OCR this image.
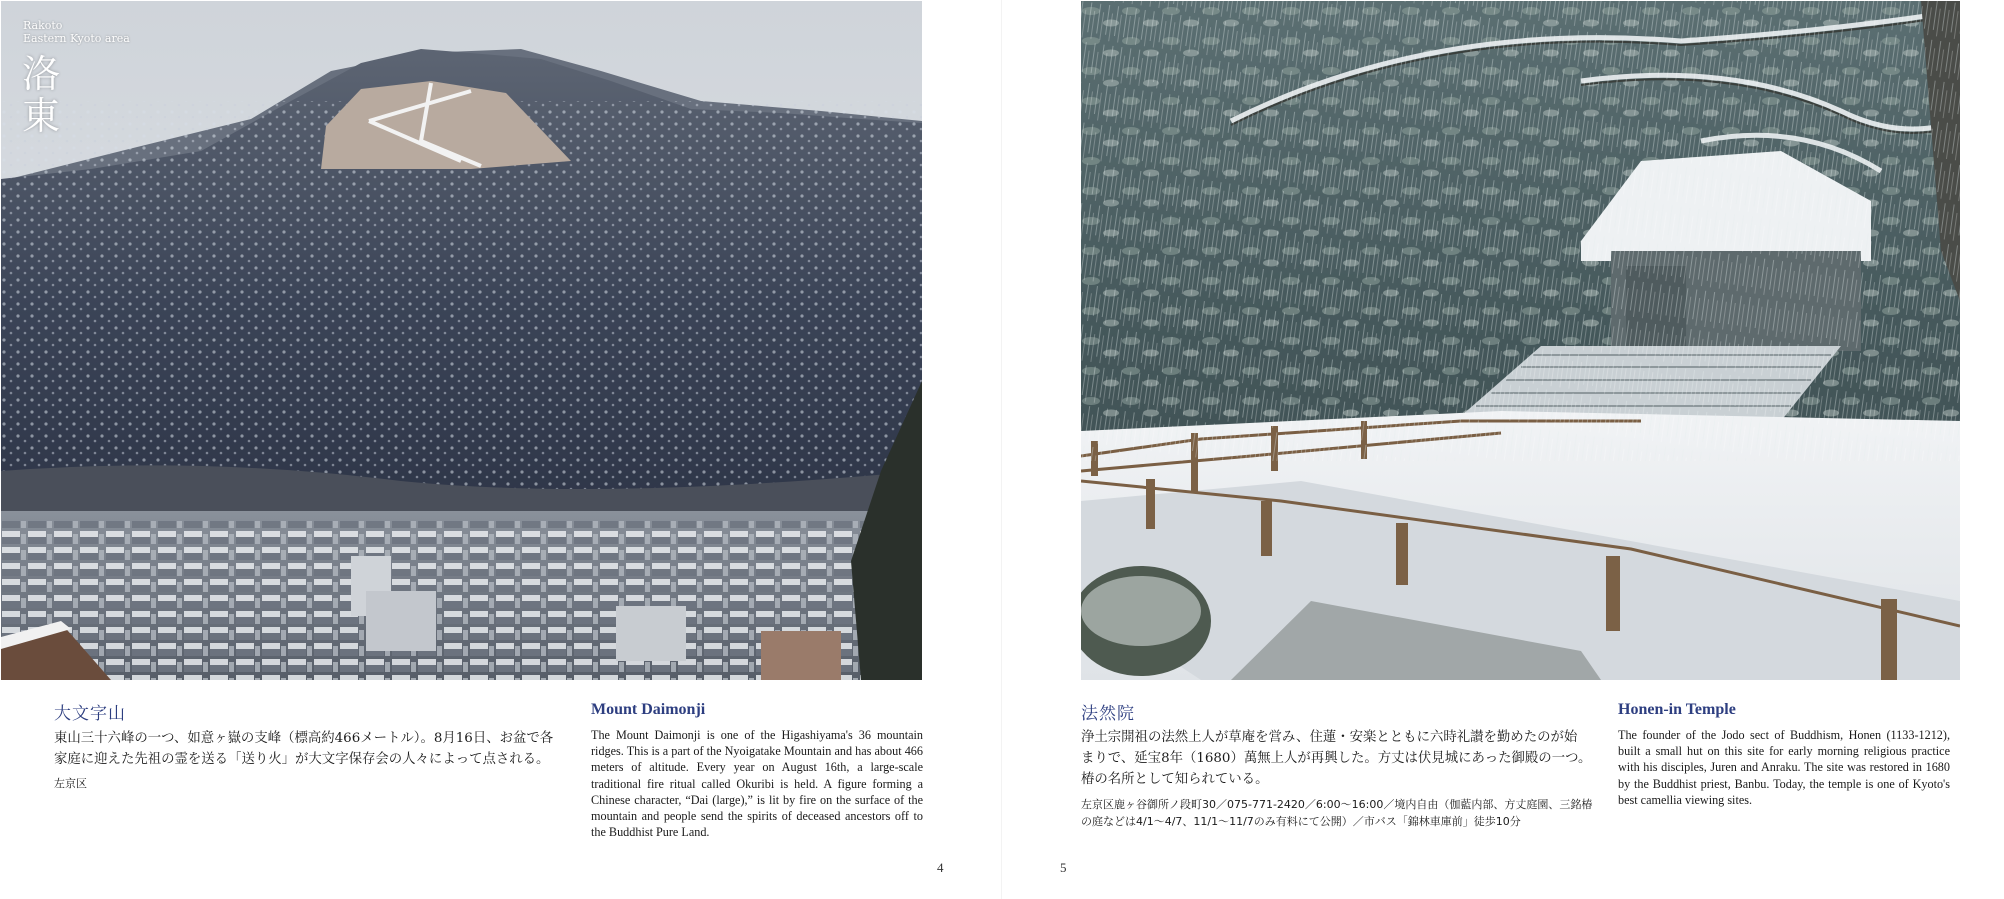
Rakoto
Eastern Kyoto area
洛東
大文字山
東山三十六峰の一つ、如意ヶ嶽の支峰（標高約466メートル）。8月16日、お盆で各
家庭に迎えた先祖の霊を送る「送り火」が大文字保存会の人々によって点される。
左京区
Mount Daimonji
The Mount Daimonji is one of the Higashiyama's 36 mountain ridges. This is a part of the Nyoigatake Mountain and has about 466 meters of altitude. Every year on August 16th, a large-scale traditional fire ritual called Okuribi is held. A figure forming a Chinese character, “Dai (large),” is lit by fire on the surface of the mountain and people send the spirits of deceased ancestors off to the Buddhist Pure Land.
4
法然院
浄土宗開祖の法然上人が草庵を営み、住蓮・安楽とともに六時礼讃を勤めたのが始
まりで、延宝8年（1680）萬無上人が再興した。方丈は伏見城にあった御殿の一つ。
椿の名所として知られている。
左京区鹿ヶ谷御所ノ段町30／075-771-2420／6:00〜16:00／境内自由（伽藍内部、方丈庭園、三銘椿
の庭などは4/1〜4/7、11/1〜11/7のみ有料にて公開）／市バス「錦林車庫前」徒歩10分
Honen-in Temple
The founder of the Jodo sect of Buddhism, Honen (1133-1212), built a small hut on this site for early morning religious practice with his disciples, Juren and Anraku. The site was restored in 1680 by the Buddhist priest, Banbu. Today, the temple is one of Kyoto's best camellia viewing sites.
5
